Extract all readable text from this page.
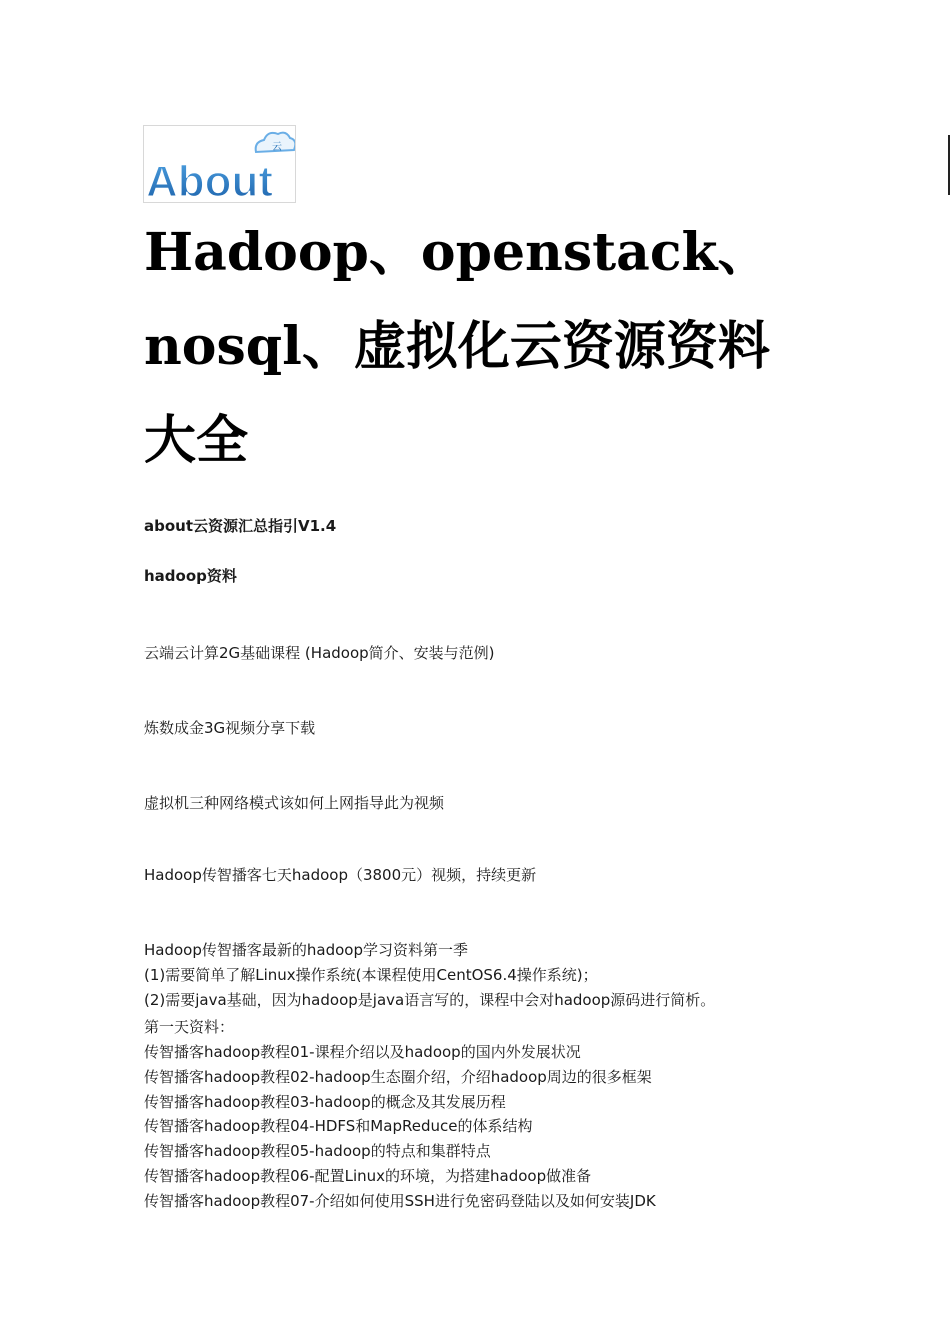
云
About
Hadoop、openstack、nosql、虚拟化云资源资料大全

about云资源汇总指引V1.4

hadoop资料

云端云计算2G基础课程 (Hadoop简介、安装与范例)

炼数成金3G视频分享下载

虚拟机三种网络模式该如何上网指导此为视频

Hadoop传智播客七天hadoop（3800元）视频，持续更新

Hadoop传智播客最新的hadoop学习资料第一季

(1)需要简单了解Linux操作系统(本课程使用CentOS6.4操作系统)；

(2)需要java基础，因为hadoop是java语言写的，课程中会对hadoop源码进行简析。

第一天资料：

传智播客hadoop教程01-课程介绍以及hadoop的国内外发展状况

传智播客hadoop教程02-hadoop生态圈介绍，介绍hadoop周边的很多框架

传智播客hadoop教程03-hadoop的概念及其发展历程

传智播客hadoop教程04-HDFS和MapReduce的体系结构

传智播客hadoop教程05-hadoop的特点和集群特点

传智播客hadoop教程06-配置Linux的环境，为搭建hadoop做准备

传智播客hadoop教程07-介绍如何使用SSH进行免密码登陆以及如何安装JDK
